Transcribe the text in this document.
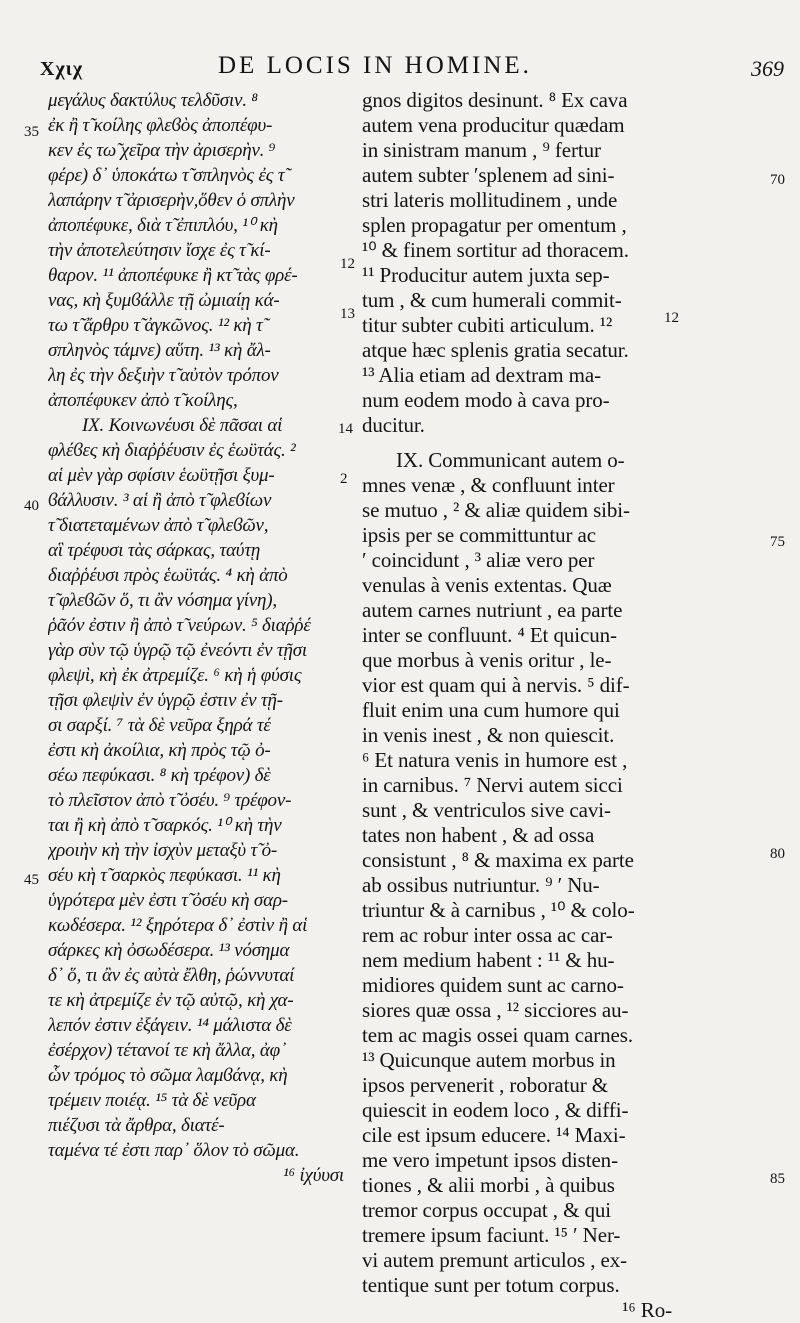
Χχιχ	DE LOCIS IN HOMINE.	369
μεγάλυς δακτύλυς τελδῦσιν. ⁸
ἐκ ἢ τ̃ κοίλης φλεϐὸς ἀποπέφυ-
κεν ἐς τω̃ χεῖρα τὴν ἀρισερὴν. ⁹
φέρε) δ᾽ ὑποκάτω τ̃ σπληνὸς ἐς τ̃
λαπάρην τ̃ ἀρισερὴν,ὅθεν ὁ σπλὴν
ἀποπέφυκε, διὰ τ̃ ἐπιπλόυ, ¹⁰ κὴ
τὴν ἀποτελεύτησιν ἴσχε ἐς τ̃ κί-
θαρον. ¹¹ ἀποπέφυκε ἢ κτ̃ τὰς φρέ-
νας, κὴ ξυμϐάλλε τῇ ὠμιαίῃ κά-
τω τ̃ ἄρθρυ τ̃ ἀγκῶνος. ¹² κὴ τ̃
σπληνὸς τάμνε) αὕτη. ¹³ κὴ ἄλ-
λη ἐς τὴν δεξιὴν τ̃ αὐτὸν τρόπον
ἀποπέφυκεν ἀπὸ τ̃ κοίλης,
ΙΧ. Κοινωνέυσι δὲ πᾶσαι αἱ
φλέϐες κὴ διαῤῥέυσιν ἐς ἑωϋτάς. ²
αἱ μὲν γὰρ σφίσιν ἑωϋτῇσι ξυμ-
ϐάλλυσιν. ³ αἱ ἢ ἀπὸ τ̃ φλεϐίων
τ̃ διατεταμένων ἀπὸ τ̃ φλεϐῶν,
αἳ τρέφυσι τὰς σάρκας, ταύτῃ
διαῤῥέυσι πρὸς ἑωϋτάς. ⁴ κὴ ἀπὸ
τ̃ φλεϐῶν ὅ, τι ἂν νόσημα γίνη),
ῥᾶόν ἐστιν ἢ ἀπὸ τ̃ νεύρων. ⁵ διαῤῥέ
γὰρ σὺν τῷ ὑγρῷ τῷ ἐνεόντι ἐν τῇσι
φλεψὶ, κὴ ἐκ ἀτρεμίζε. ⁶ κὴ ἡ φύσις
τῇσι φλεψὶν ἐν ὑγρῷ ἐστιν ἐν τῇ-
σι σαρξί. ⁷ τὰ δὲ νεῦρα ξηρά τέ
ἐστι κὴ ἀκοίλια, κὴ πρὸς τῷ ὀ-
σέω πεφύκασι. ⁸ κὴ τρέφον) δὲ
τὸ πλεῖστον ἀπὸ τ̃ ὀσέυ. ⁹ τρέφον-
ται ἢ κὴ ἀπὸ τ̃ σαρκός. ¹⁰ κὴ τὴν
χροιὴν κὴ τὴν ἰσχὺν μεταξὺ τ̃ ὀ-
σέυ κὴ τ̃ σαρκὸς πεφύκασι. ¹¹ κὴ
ὑγρότερα μὲν ἐστι τ̃ ὀσέυ κὴ σαρ-
κωδέσερα. ¹² ξηρότερα δ᾽ ἐστὶν ἢ αἱ
σάρκες κὴ ὀσωδέσερα. ¹³ νόσημα
δ᾽ ὅ, τι ἂν ἐς αὐτὰ ἔλθη, ῥώννυταί
τε κὴ ἀτρεμίζε ἐν τῷ αὐτῷ, κὴ χα-
λεπόν ἐστιν ἐξάγειν. ¹⁴ μάλιστα δὲ
ἐσέρχον) τέτανοί τε κὴ ἄλλα, ἀφ᾽
ὧν τρόμος τὸ σῶμα λαμϐάνᾳ, κὴ
τρέμειν ποιέᾳ. ¹⁵ τὰ δὲ νεῦρα
πιέζυσι τὰ ἄρθρα, διατέ-
ταμένα τέ ἐστι παρ᾽ ὅλον τὸ σῶμα.
¹⁶ ἰχύυσι
gnos digitos desinunt. ⁸ Ex cava
autem vena producitur quædam
in sinistram manum , ⁹ fertur
autem subter ′splenem ad sini-
stri lateris mollitudinem , unde
splen propagatur per omentum ,
¹⁰ & finem sortitur ad thoracem.
¹¹ Producitur autem juxta sep-
tum , & cum humerali commit-
titur subter cubiti articulum. ¹²
atque hæc splenis gratia secatur.
¹³ Alia etiam ad dextram ma-
num eodem modo à cava pro-
ducitur.
IX. Communicant autem o-
mnes venæ , & confluunt inter
se mutuo , ² & aliæ quidem sibi-
ipsis per se committuntur ac
′ coincidunt , ³ aliæ vero per
venulas à venis extentas. Quæ
autem carnes nutriunt , ea parte
inter se confluunt. ⁴ Et quicun-
que morbus à venis oritur , le-
vior est quam qui à nervis. ⁵ dif-
fluit enim una cum humore qui
in venis inest , & non quiescit.
⁶ Et natura venis in humore est ,
in carnibus. ⁷ Nervi autem sicci
sunt , & ventriculos sive cavi-
tates non habent , & ad ossa
consistunt , ⁸ & maxima ex parte
ab ossibus nutriuntur. ⁹ ′ Nu-
triuntur & à carnibus , ¹⁰ & colo-
rem ac robur inter ossa ac car-
nem medium habent : ¹¹ & hu-
midiores quidem sunt ac carno-
siores quæ ossa , ¹² sicciores au-
tem ac magis ossei quam carnes.
¹³ Quicunque autem morbus in
ipsos pervenerit , roboratur &
quiescit in eodem loco , & diffi-
cile est ipsum educere. ¹⁴ Maxi-
me vero impetunt ipsos disten-
tiones , & alii morbi , à quibus
tremor corpus occupat , & qui
tremere ipsum faciunt. ¹⁵ ′ Ner-
vi autem premunt articulos , ex-
tentique sunt per totum corpus.
¹⁶ Ro-
35
40
45
12
13
14
2
70
12
75
80
85
